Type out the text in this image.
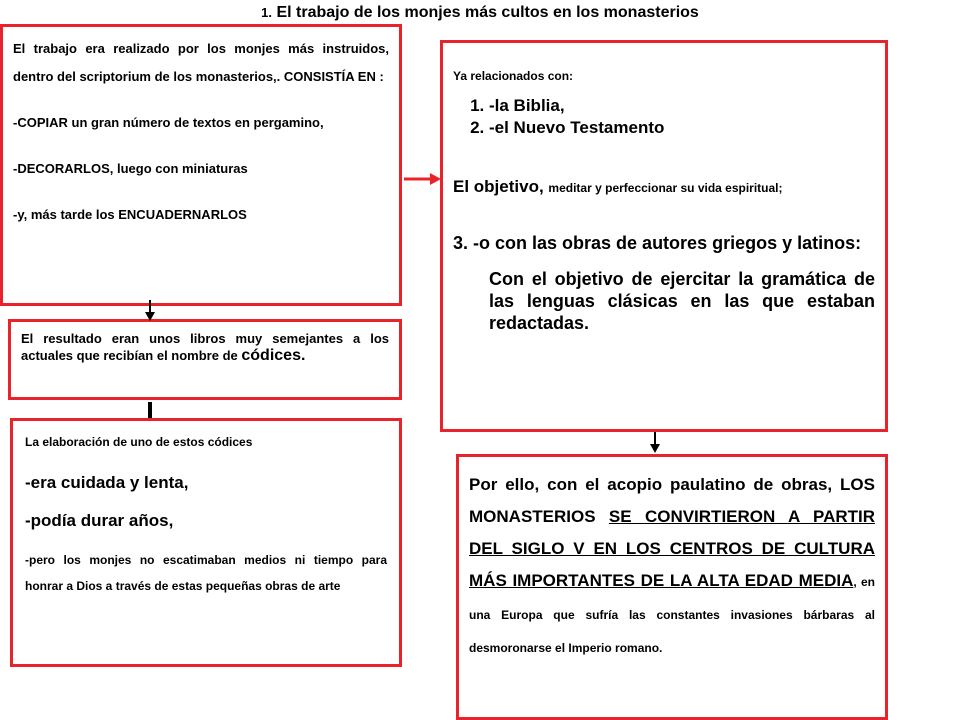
1. El trabajo de los monjes más cultos en los monasterios

El trabajo era realizado por los monjes más instruidos, dentro del scriptorium de los monasterios,. CONSISTÍA EN :

-COPIAR un gran número de textos en pergamino,

-DECORARLOS, luego con miniaturas

-y, más tarde los ENCUADERNARLOS

El resultado eran unos libros muy semejantes a los actuales que recibían el nombre de códices.

La elaboración de uno de estos códices

-era cuidada y lenta,

-podía durar años,

-pero los monjes no escatimaban medios ni tiempo para honrar a Dios a través de estas pequeñas obras de arte

Ya relacionados con:

1. -la Biblia,
2. -el Nuevo Testamento

El objetivo, meditar y perfeccionar su vida espiritual;

3. -o con las obras de autores griegos y latinos:

Con el objetivo de ejercitar la gramática de las lenguas clásicas en las que estaban redactadas.

Por ello, con el acopio paulatino de obras, LOS MONASTERIOS SE CONVIRTIERON A PARTIR DEL SIGLO V EN LOS CENTROS DE CULTURA MÁS IMPORTANTES DE LA ALTA EDAD MEDIA, en una Europa que sufría las constantes invasiones bárbaras al desmoronarse el Imperio romano.
